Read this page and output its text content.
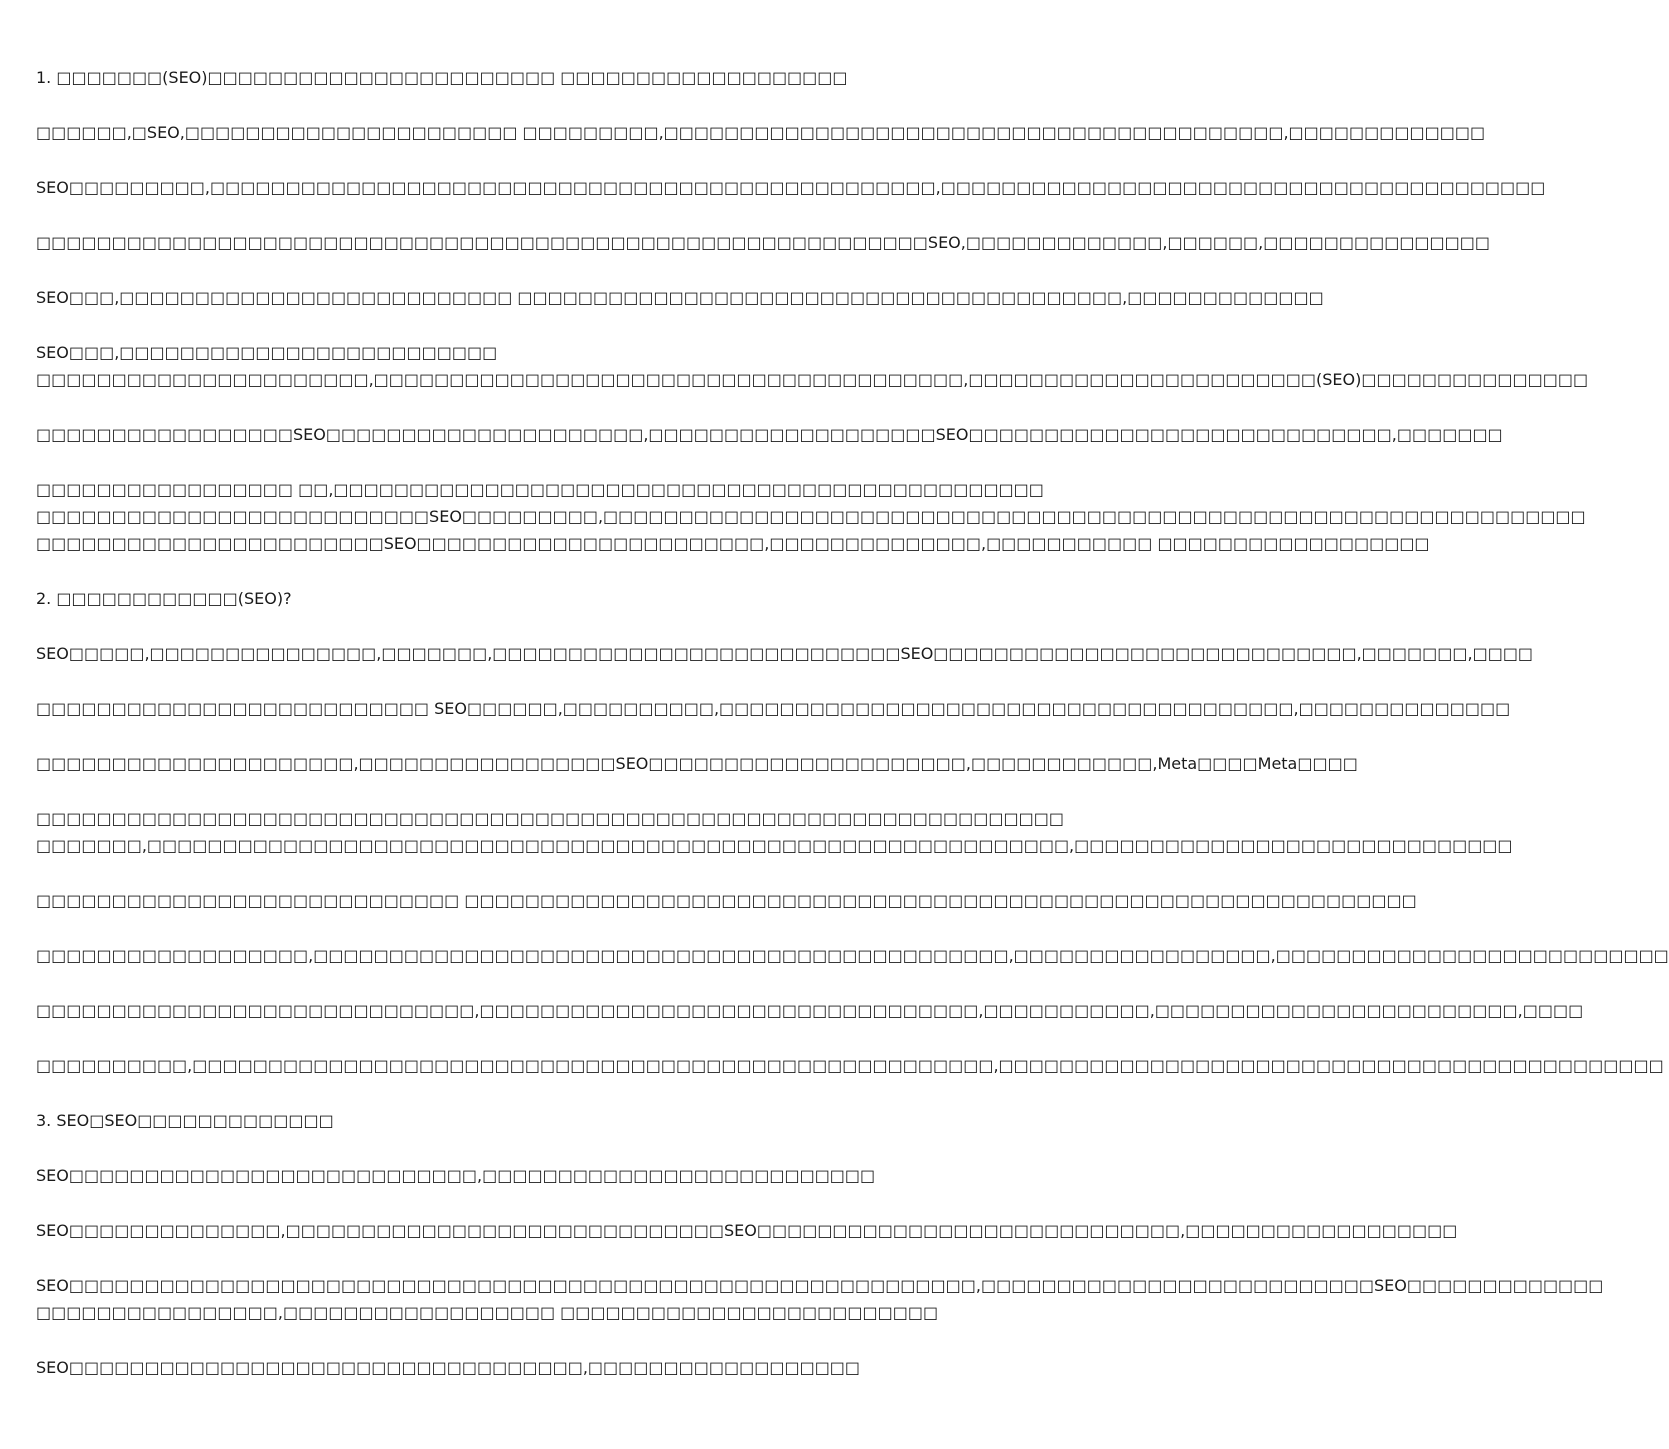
1. □□□□□□□(SEO)□□□□□□□□□□□□□□□□□□□□□□□ □□□□□□□□□□□□□□□□□□□

□□□□□□,□SEO,□□□□□□□□□□□□□□□□□□□□□□ □□□□□□□□□,□□□□□□□□□□□□□□□□□□□□□□□□□□□□□□□□□□□□□□□□□,□□□□□□□□□□□□□

SEO□□□□□□□□□,□□□□□□□□□□□□□□□□□□□□□□□□□□□□□□□□□□□□□□□□□□□□□□□□,□□□□□□□□□□□□□□□□□□□□□□□□□□□□□□□□□□□□□□□□

□□□□□□□□□□□□□□□□□□□□□□□□□□□□□□□□□□□□□□□□□□□□□□□□□□□□□□□□□□□SEO,□□□□□□□□□□□□□,□□□□□□,□□□□□□□□□□□□□□□

SEO□□□,□□□□□□□□□□□□□□□□□□□□□□□□□□ □□□□□□□□□□□□□□□□□□□□□□□□□□□□□□□□□□□□□□□□,□□□□□□□□□□□□□

SEO□□□,□□□□□□□□□□□□□□□□□□□□□□□□□
□□□□□□□□□□□□□□□□□□□□□□,□□□□□□□□□□□□□□□□□□□□□□□□□□□□□□□□□□□□□□□,□□□□□□□□□□□□□□□□□□□□□□□(SEO)□□□□□□□□□□□□□□□

□□□□□□□□□□□□□□□□□SEO□□□□□□□□□□□□□□□□□□□□□,□□□□□□□□□□□□□□□□□□□SEO□□□□□□□□□□□□□□□□□□□□□□□□□□□□,□□□□□□□

□□□□□□□□□□□□□□□□□ □□,□□□□□□□□□□□□□□□□□□□□□□□□□□□□□□□□□□□□□□□□□□□□□□□
□□□□□□□□□□□□□□□□□□□□□□□□□□SEO□□□□□□□□□,□□□□□□□□□□□□□□□□□□□□□□□□□□□□□□□□□□□□□□□□□□□□□□□□□□□□□□□□□□□□□□□□□
□□□□□□□□□□□□□□□□□□□□□□□SEO□□□□□□□□□□□□□□□□□□□□□□□,□□□□□□□□□□□□□□,□□□□□□□□□□□ □□□□□□□□□□□□□□□□□□

2. □□□□□□□□□□□□(SEO)?

SEO□□□□□,□□□□□□□□□□□□□□□,□□□□□□□,□□□□□□□□□□□□□□□□□□□□□□□□□□□SEO□□□□□□□□□□□□□□□□□□□□□□□□□□□□,□□□□□□□,□□□□

□□□□□□□□□□□□□□□□□□□□□□□□□□ SEO□□□□□□,□□□□□□□□□□,□□□□□□□□□□□□□□□□□□□□□□□□□□□□□□□□□□□□□□,□□□□□□□□□□□□□□

□□□□□□□□□□□□□□□□□□□□□,□□□□□□□□□□□□□□□□□SEO□□□□□□□□□□□□□□□□□□□□□,□□□□□□□□□□□□,Meta□□□□Meta□□□□

□□□□□□□□□□□□□□□□□□□□□□□□□□□□□□□□□□□□□□□□□□□□□□□□□□□□□□□□□□□□□□□□□□□□
□□□□□□□,□□□□□□□□□□□□□□□□□□□□□□□□□□□□□□□□□□□□□□□□□□□□□□□□□□□□□□□□□□□□□,□□□□□□□□□□□□□□□□□□□□□□□□□□□□□

□□□□□□□□□□□□□□□□□□□□□□□□□□□□ □□□□□□□□□□□□□□□□□□□□□□□□□□□□□□□□□□□□□□□□□□□□□□□□□□□□□□□□□□□□□□□

□□□□□□□□□□□□□□□□□□,□□□□□□□□□□□□□□□□□□□□□□□□□□□□□□□□□□□□□□□□□□□□□□,□□□□□□□□□□□□□□□□□,□□□□□□□□□□□□□□□□□□□□□□□□□□

□□□□□□□□□□□□□□□□□□□□□□□□□□□□□,□□□□□□□□□□□□□□□□□□□□□□□□□□□□□□□□□,□□□□□□□□□□□,□□□□□□□□□□□□□□□□□□□□□□□□,□□□□

□□□□□□□□□□,□□□□□□□□□□□□□□□□□□□□□□□□□□□□□□□□□□□□□□□□□□□□□□□□□□□□□,□□□□□□□□□□□□□□□□□□□□□□□□□□□□□□□□□□□□□□□□□□□□

3. SEO□SEO□□□□□□□□□□□□□

SEO□□□□□□□□□□□□□□□□□□□□□□□□□□□,□□□□□□□□□□□□□□□□□□□□□□□□□□

SEO□□□□□□□□□□□□□□,□□□□□□□□□□□□□□□□□□□□□□□□□□□□□SEO□□□□□□□□□□□□□□□□□□□□□□□□□□□□,□□□□□□□□□□□□□□□□□□

SEO□□□□□□□□□□□□□□□□□□□□□□□□□□□□□□□□□□□□□□□□□□□□□□□□□□□□□□□□□□□□,□□□□□□□□□□□□□□□□□□□□□□□□□□SEO□□□□□□□□□□□□□
□□□□□□□□□□□□□□□□,□□□□□□□□□□□□□□□□□□ □□□□□□□□□□□□□□□□□□□□□□□□□

SEO□□□□□□□□□□□□□□□□□□□□□□□□□□□□□□□□□□,□□□□□□□□□□□□□□□□□□
